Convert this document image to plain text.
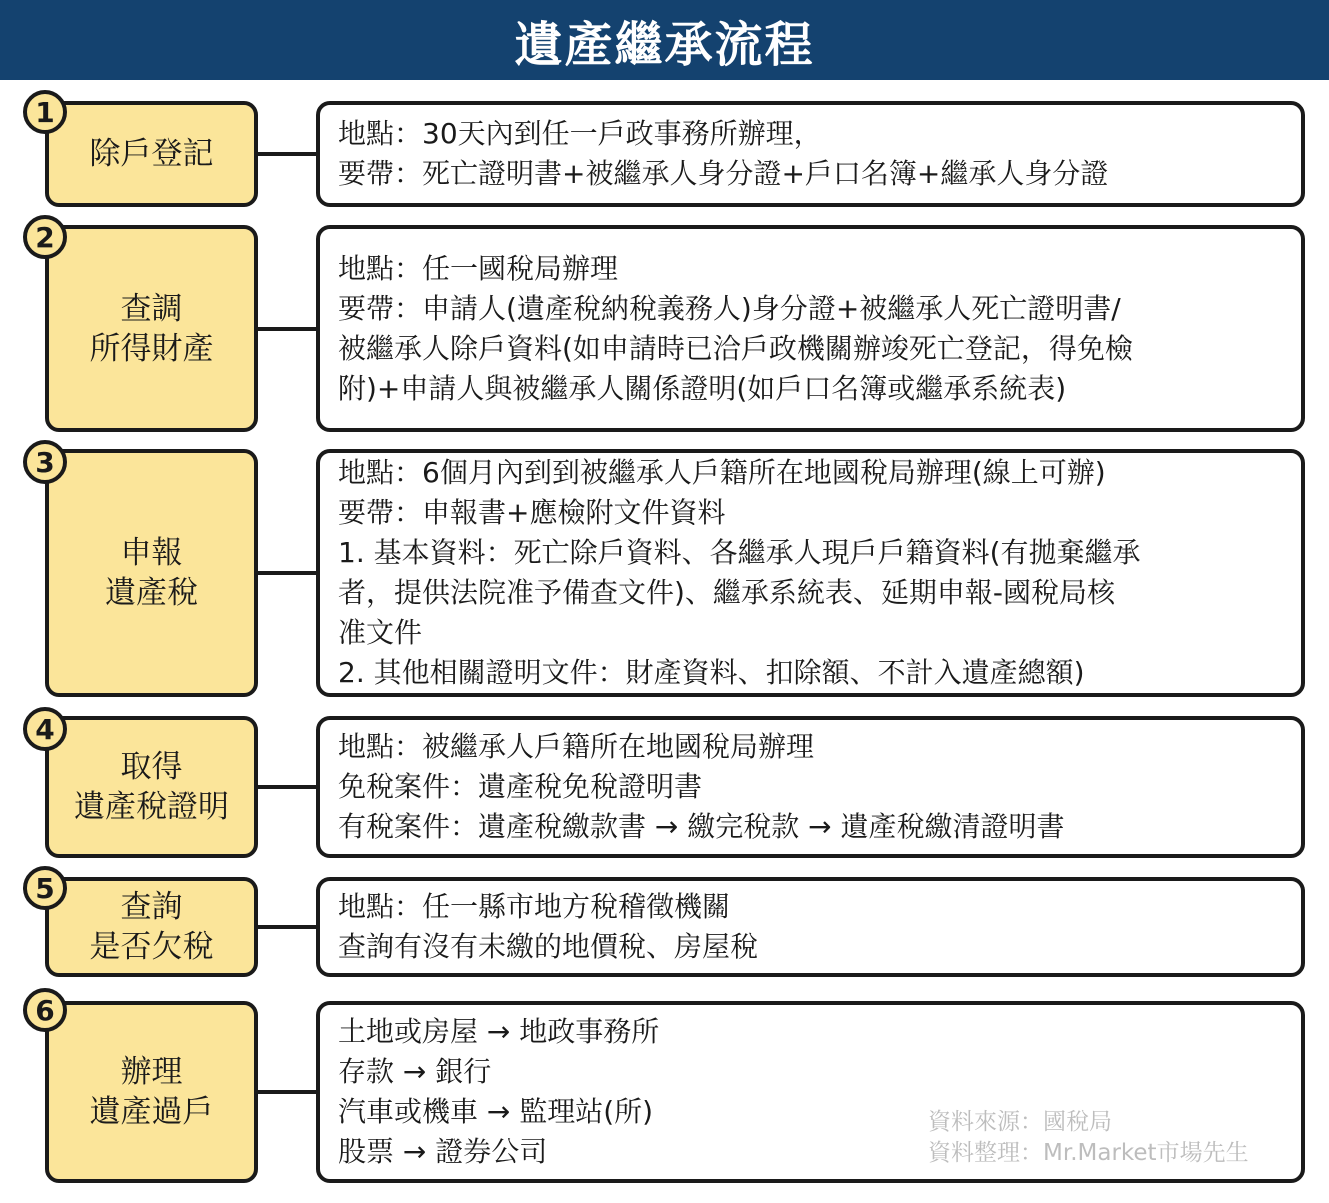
遺產繼承流程
除戶登記
1
地點：30天內到任一戶政事務所辦理，
要帶：死亡證明書+被繼承人身分證+戶口名簿+繼承人身分證
查調
所得財產
2
地點：任一國稅局辦理
要帶：申請人(遺產稅納稅義務人)身分證+被繼承人死亡證明書/
被繼承人除戶資料(如申請時已洽戶政機關辦竣死亡登記，得免檢
附)+申請人與被繼承人關係證明(如戶口名簿或繼承系統表)
申報
遺產稅
3	地點：6個月內到到被繼承人戶籍所在地國稅局辦理(線上可辦)
要帶：申報書+應檢附文件資料
1. 基本資料：死亡除戶資料、各繼承人現戶戶籍資料(有拋棄繼承
者，提供法院准予備查文件)、繼承系統表、延期申報-國稅局核
准文件
2. 其他相關證明文件：財產資料、扣除額、不計入遺產總額)
取得
遺產稅證明
4
地點：被繼承人戶籍所在地國稅局辦理
免稅案件：遺產稅免稅證明書
有稅案件：遺產稅繳款書 → 繳完稅款 → 遺產稅繳清證明書
查詢
是否欠稅
5
地點：任一縣市地方稅稽徵機關
查詢有沒有未繳的地價稅、房屋稅
辦理
遺產過戶
6
土地或房屋 → 地政事務所
存款 → 銀行
汽車或機車 → 監理站(所)
股票 → 證券公司
資料來源：國稅局
資料整理：Mr.Market市場先生
